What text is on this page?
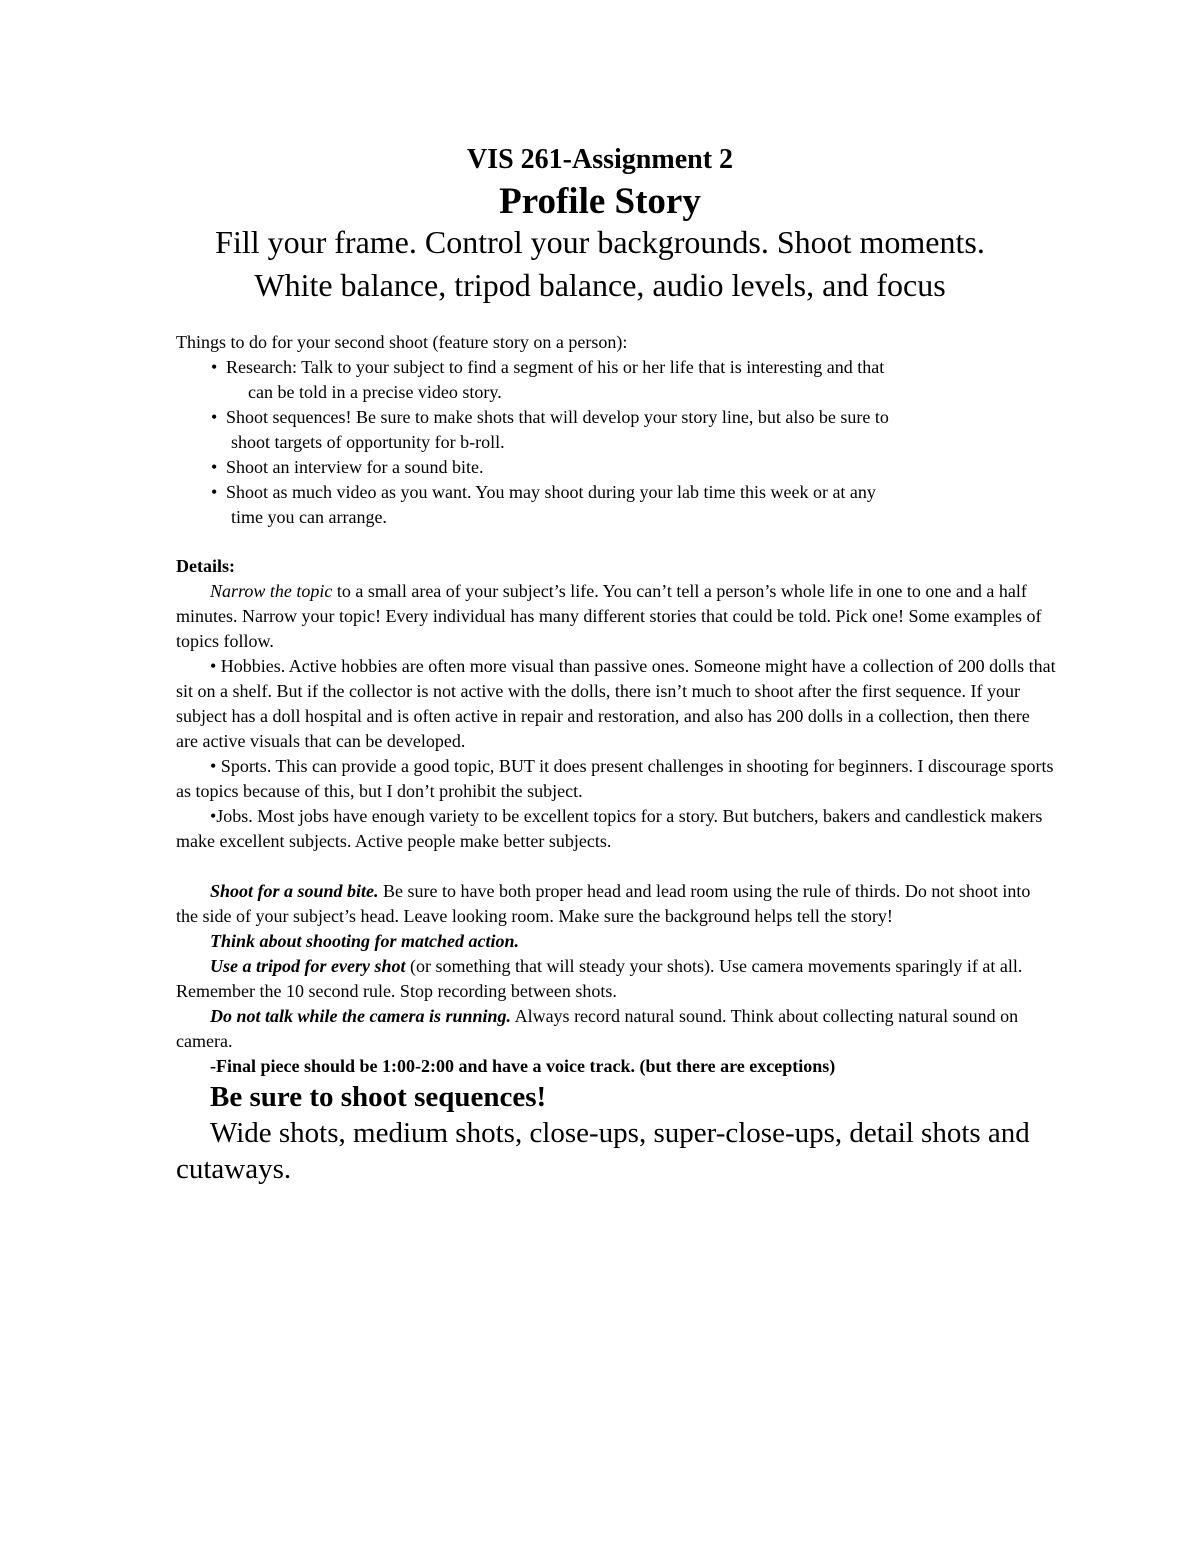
VIS 261-Assignment 2
Profile Story
Fill your frame. Control your backgrounds. Shoot moments.
White balance, tripod balance, audio levels, and focus

Things to do for your second shoot (feature story on a person):

• Research: Talk to your subject to find a segment of his or her life that is interesting and that
can be told in a precise video story.
• Shoot sequences! Be sure to make shots that will develop your story line, but also be sure to
shoot targets of opportunity for b-roll.
• Shoot an interview for a sound bite.
• Shoot as much video as you want. You may shoot during your lab time this week or at any
time you can arrange.

Details:

Narrow the topic to a small area of your subject’s life. You can’t tell a person’s whole life in one to one and a half minutes. Narrow your topic! Every individual has many different stories that could be told. Pick one! Some examples of topics follow.

• Hobbies. Active hobbies are often more visual than passive ones. Someone might have a collection of 200 dolls that sit on a shelf. But if the collector is not active with the dolls, there isn’t much to shoot after the first sequence. If your subject has a doll hospital and is often active in repair and restoration, and also has 200 dolls in a collection, then there are active visuals that can be developed.

• Sports. This can provide a good topic, BUT it does present challenges in shooting for beginners. I discourage sports as topics because of this, but I don’t prohibit the subject.

•Jobs. Most jobs have enough variety to be excellent topics for a story. But butchers, bakers and candlestick makers make excellent subjects. Active people make better subjects.

Shoot for a sound bite. Be sure to have both proper head and lead room using the rule of thirds. Do not shoot into the side of your subject’s head. Leave looking room. Make sure the background helps tell the story!

Think about shooting for matched action.

Use a tripod for every shot (or something that will steady your shots). Use camera movements sparingly if at all. Remember the 10 second rule. Stop recording between shots.

Do not talk while the camera is running. Always record natural sound. Think about collecting natural sound on camera.

-Final piece should be 1:00-2:00 and have a voice track. (but there are exceptions)

Be sure to shoot sequences!

Wide shots, medium shots, close-ups, super-close-ups, detail shots and cutaways.
